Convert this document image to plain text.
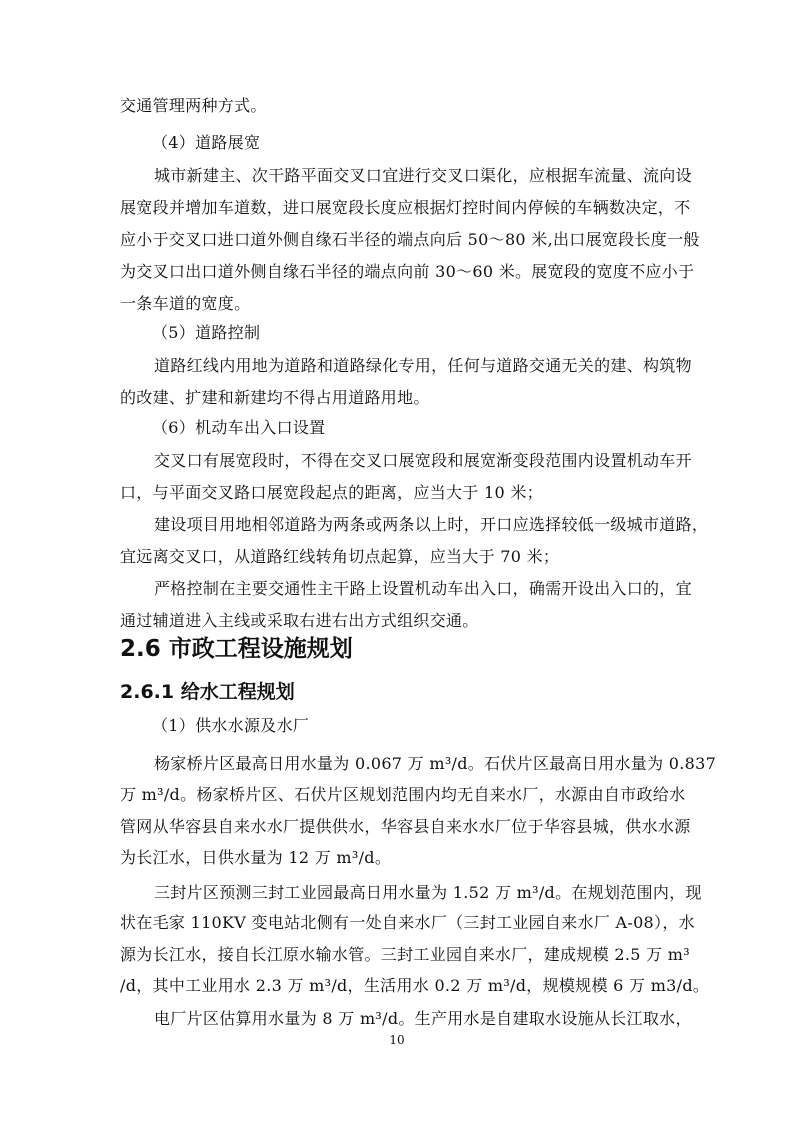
交通管理两种方式。
（4）道路展宽
城市新建主、次干路平面交叉口宜进行交叉口渠化，应根据车流量、流向设
展宽段并增加车道数，进口展宽段长度应根据灯控时间内停候的车辆数决定，不
应小于交叉口进口道外侧自缘石半径的端点向后 50～80 米,出口展宽段长度一般
为交叉口出口道外侧自缘石半径的端点向前 30～60 米。展宽段的宽度不应小于
一条车道的宽度。
（5）道路控制
道路红线内用地为道路和道路绿化专用，任何与道路交通无关的建、构筑物
的改建、扩建和新建均不得占用道路用地。
（6）机动车出入口设置
交叉口有展宽段时，不得在交叉口展宽段和展宽渐变段范围内设置机动车开
口，与平面交叉路口展宽段起点的距离，应当大于 10 米；
建设项目用地相邻道路为两条或两条以上时，开口应选择较低一级城市道路，
宜远离交叉口，从道路红线转角切点起算，应当大于 70 米；
严格控制在主要交通性主干路上设置机动车出入口，确需开设出入口的，宜
通过辅道进入主线或采取右进右出方式组织交通。
2.6 市政工程设施规划
2.6.1 给水工程规划
（1）供水水源及水厂
杨家桥片区最高日用水量为 0.067 万 m³/d。石伏片区最高日用水量为 0.837
万 m³/d。杨家桥片区、石伏片区规划范围内均无自来水厂，水源由自市政给水
管网从华容县自来水水厂提供供水，华容县自来水水厂位于华容县城，供水水源
为长江水，日供水量为 12 万 m³/d。
三封片区预测三封工业园最高日用水量为 1.52 万 m³/d。在规划范围内，现
状在毛家 110KV 变电站北侧有一处自来水厂（三封工业园自来水厂 A-08），水
源为长江水，接自长江原水输水管。三封工业园自来水厂，建成规模 2.5 万 m³
/d，其中工业用水 2.3 万 m³/d，生活用水 0.2 万 m³/d，规模规模 6 万 m3/d。
电厂片区估算用水量为 8 万 m³/d。生产用水是自建取水设施从长江取水，
10
